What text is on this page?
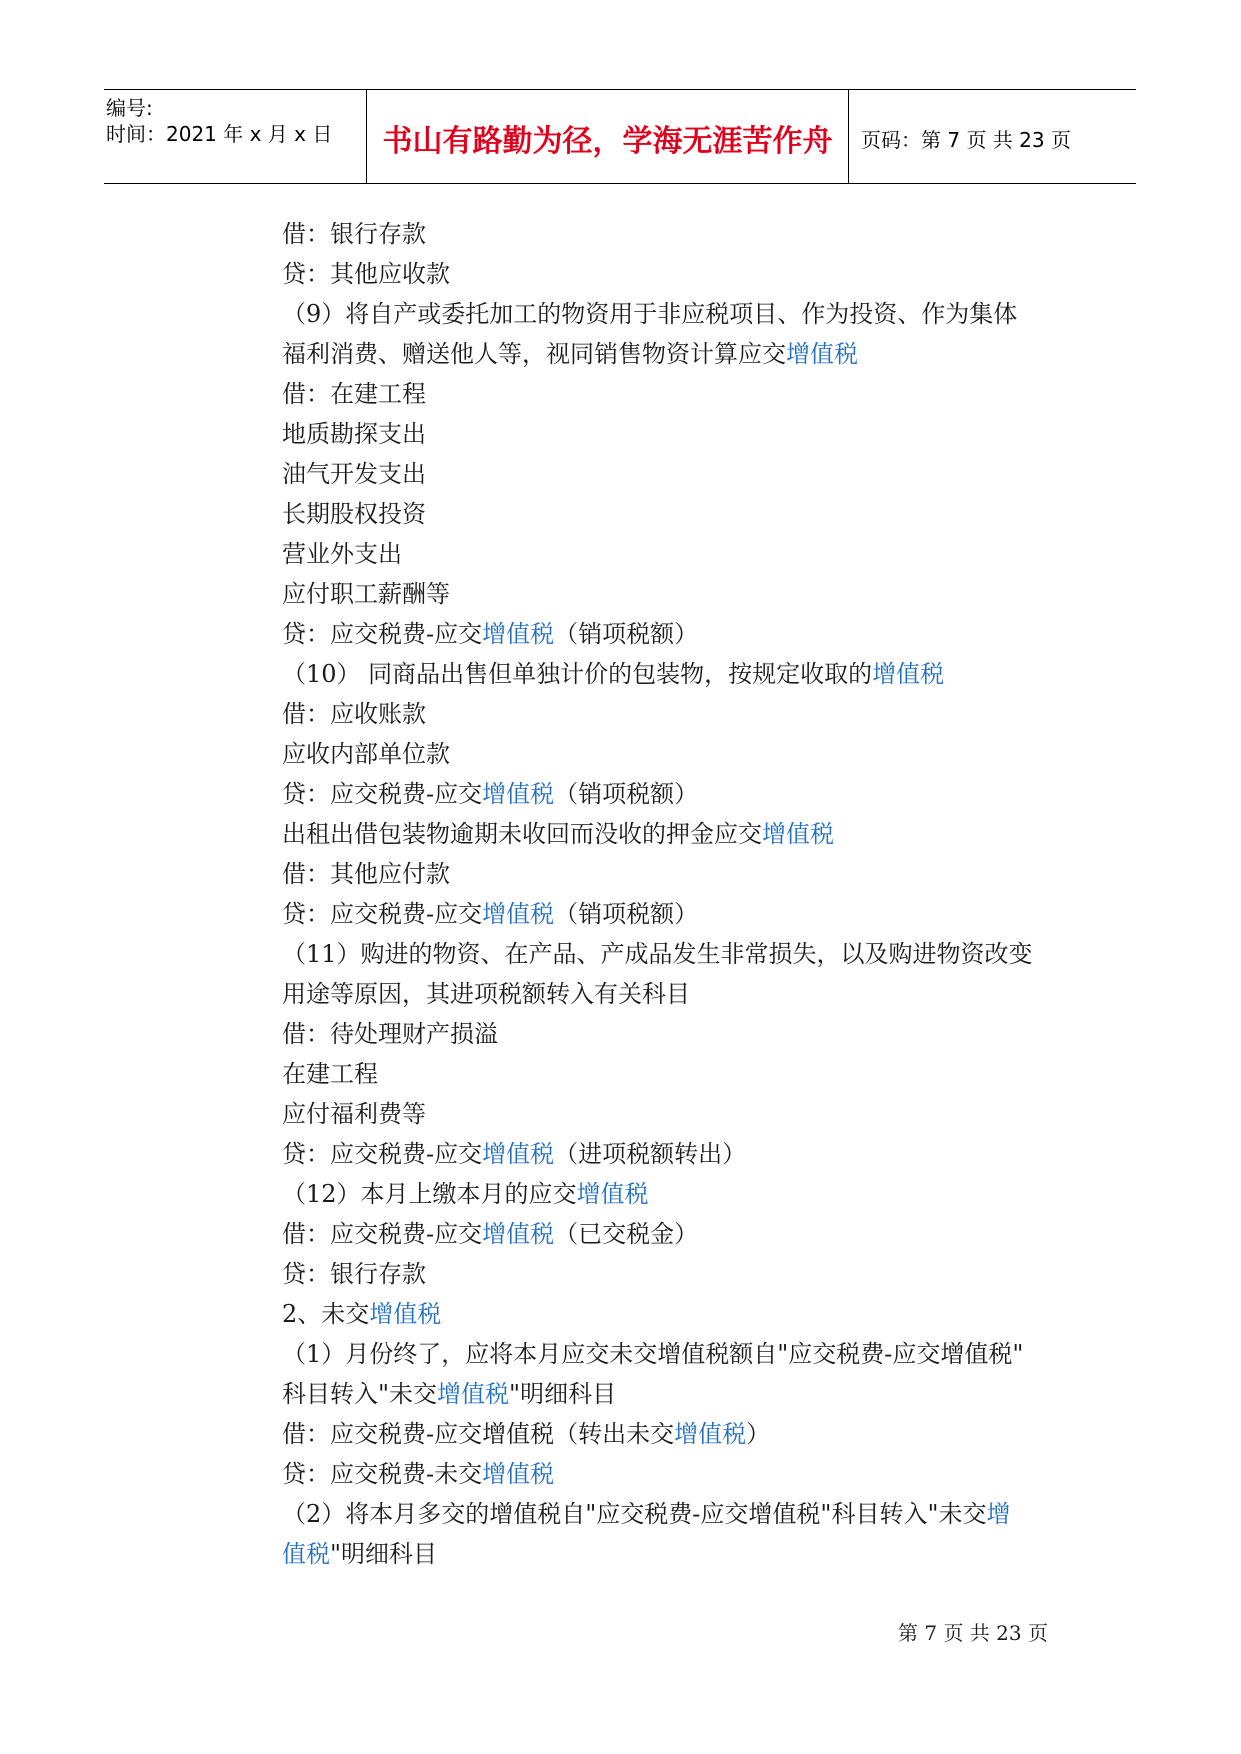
编号:
时间：2021 年 x 月 x 日	书山有路勤为径，学海无涯苦作舟	页码：第 7 页 共 23 页
借：银行存款
贷：其他应收款
（9）将自产或委托加工的物资用于非应税项目、作为投资、作为集体
福利消费、赠送他人等，视同销售物资计算应交增值税
借：在建工程
地质勘探支出
油气开发支出
长期股权投资
营业外支出
应付职工薪酬等
贷：应交税费-应交增值税（销项税额）
（10） 同商品出售但单独计价的包装物，按规定收取的增值税
借：应收账款
应收内部单位款
贷：应交税费-应交增值税（销项税额）
出租出借包装物逾期未收回而没收的押金应交增值税
借：其他应付款
贷：应交税费-应交增值税（销项税额）
（11）购进的物资、在产品、产成品发生非常损失，以及购进物资改变
用途等原因，其进项税额转入有关科目
借：待处理财产损溢
在建工程
应付福利费等
贷：应交税费-应交增值税（进项税额转出）
（12）本月上缴本月的应交增值税
借：应交税费-应交增值税（已交税金）
贷：银行存款
2、未交增值税
（1）月份终了，应将本月应交未交增值税额自"应交税费-应交增值税"
科目转入"未交增值税"明细科目
借：应交税费-应交增值税（转出未交增值税）
贷：应交税费-未交增值税
（2）将本月多交的增值税自"应交税费-应交增值税"科目转入"未交增
值税"明细科目
第 7 页 共 23 页
